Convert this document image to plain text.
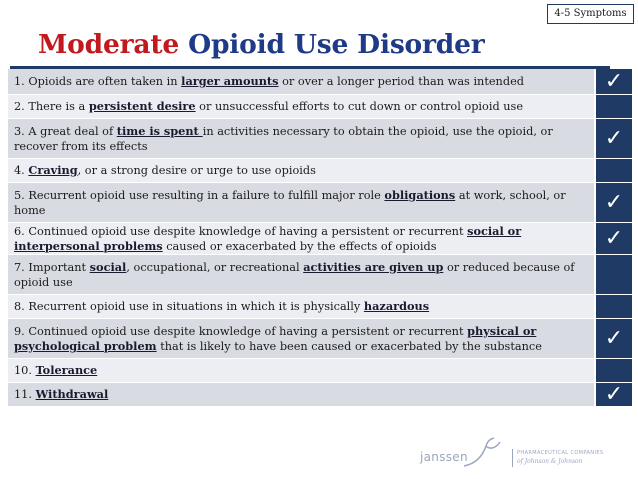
4-5 Symptoms
Moderate Opioid Use Disorder
1. Opioids are often taken in larger amounts or over a longer period than was intended	✓
2. There is a persistent desire or unsuccessful efforts to cut down or control opioid use
3. A great deal of time is spent in activities necessary to obtain the opioid, use the opioid, or recover from its effects	✓
4. Craving, or a strong desire or urge to use opioids
5. Recurrent opioid use resulting in a failure to fulfill major role obligations at work, school, or home	✓
6. Continued opioid use despite knowledge of having a persistent or recurrent social or interpersonal problems caused or exacerbated by the effects of opioids	✓
7. Important social, occupational, or recreational activities are given up or reduced because of opioid use
8. Recurrent opioid use in situations in which it is physically hazardous
9. Continued opioid use despite knowledge of having a persistent or recurrent physical or psychological problem that is likely to have been caused or exacerbated by the substance	✓
10. Tolerance
11. Withdrawal	✓
janssen	PHARMACEUTICAL COMPANIES
of Johnson & Johnson
